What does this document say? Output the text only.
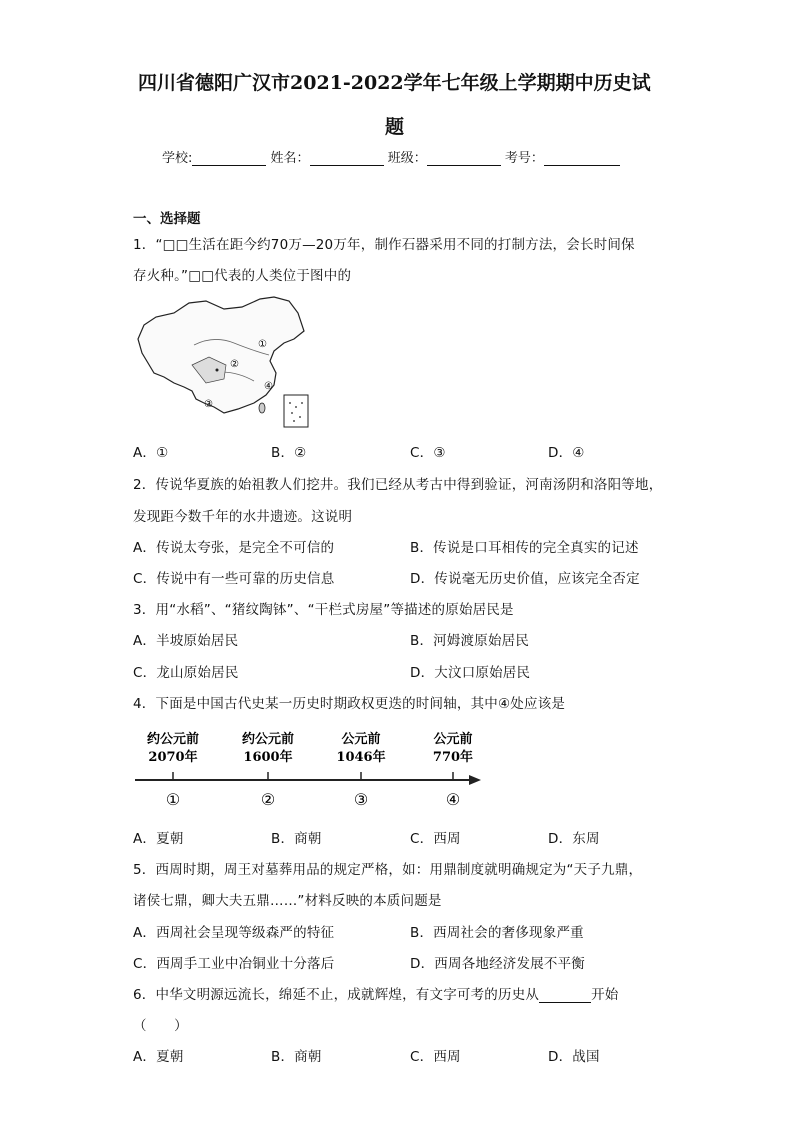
四川省德阳广汉市2021-2022学年七年级上学期期中历史试
题
学校:	姓名：	班级：	考号：
一、选择题
1．“□□生活在距今约70万—20万年，制作石器采用不同的打制方法，会长时间保
存火种。”□□代表的人类位于图中的
①
②
③
④
A．①	B．②	C．③	D．④
2．传说华夏族的始祖教人们挖井。我们已经从考古中得到验证，河南汤阴和洛阳等地，
发现距今数千年的水井遗迹。这说明
A．传说太夸张，是完全不可信的	B．传说是口耳相传的完全真实的记述
C．传说中有一些可靠的历史信息	D．传说毫无历史价值，应该完全否定
3．用“水稻”、“猪纹陶钵”、“干栏式房屋”等描述的原始居民是
A．半坡原始居民	B．河姆渡原始居民
C．龙山原始居民	D．大汶口原始居民
4．下面是中国古代史某一历史时期政权更迭的时间轴，其中④处应该是
约公元前
2070年
约公元前
1600年
公元前
1046年
公元前
770年
①	②	③	④
A．夏朝	B．商朝	C．西周	D．东周
5．西周时期，周王对墓葬用品的规定严格，如：用鼎制度就明确规定为“天子九鼎，
诸侯七鼎，卿大夫五鼎……”材料反映的本质问题是
A．西周社会呈现等级森严的特征	B．西周社会的奢侈现象严重
C．西周手工业中冶铜业十分落后	D．西周各地经济发展不平衡
6．中华文明源远流长，绵延不止，成就辉煌，有文字可考的历史从	开始
（　　）
A．夏朝	B．商朝	C．西周	D．战国
